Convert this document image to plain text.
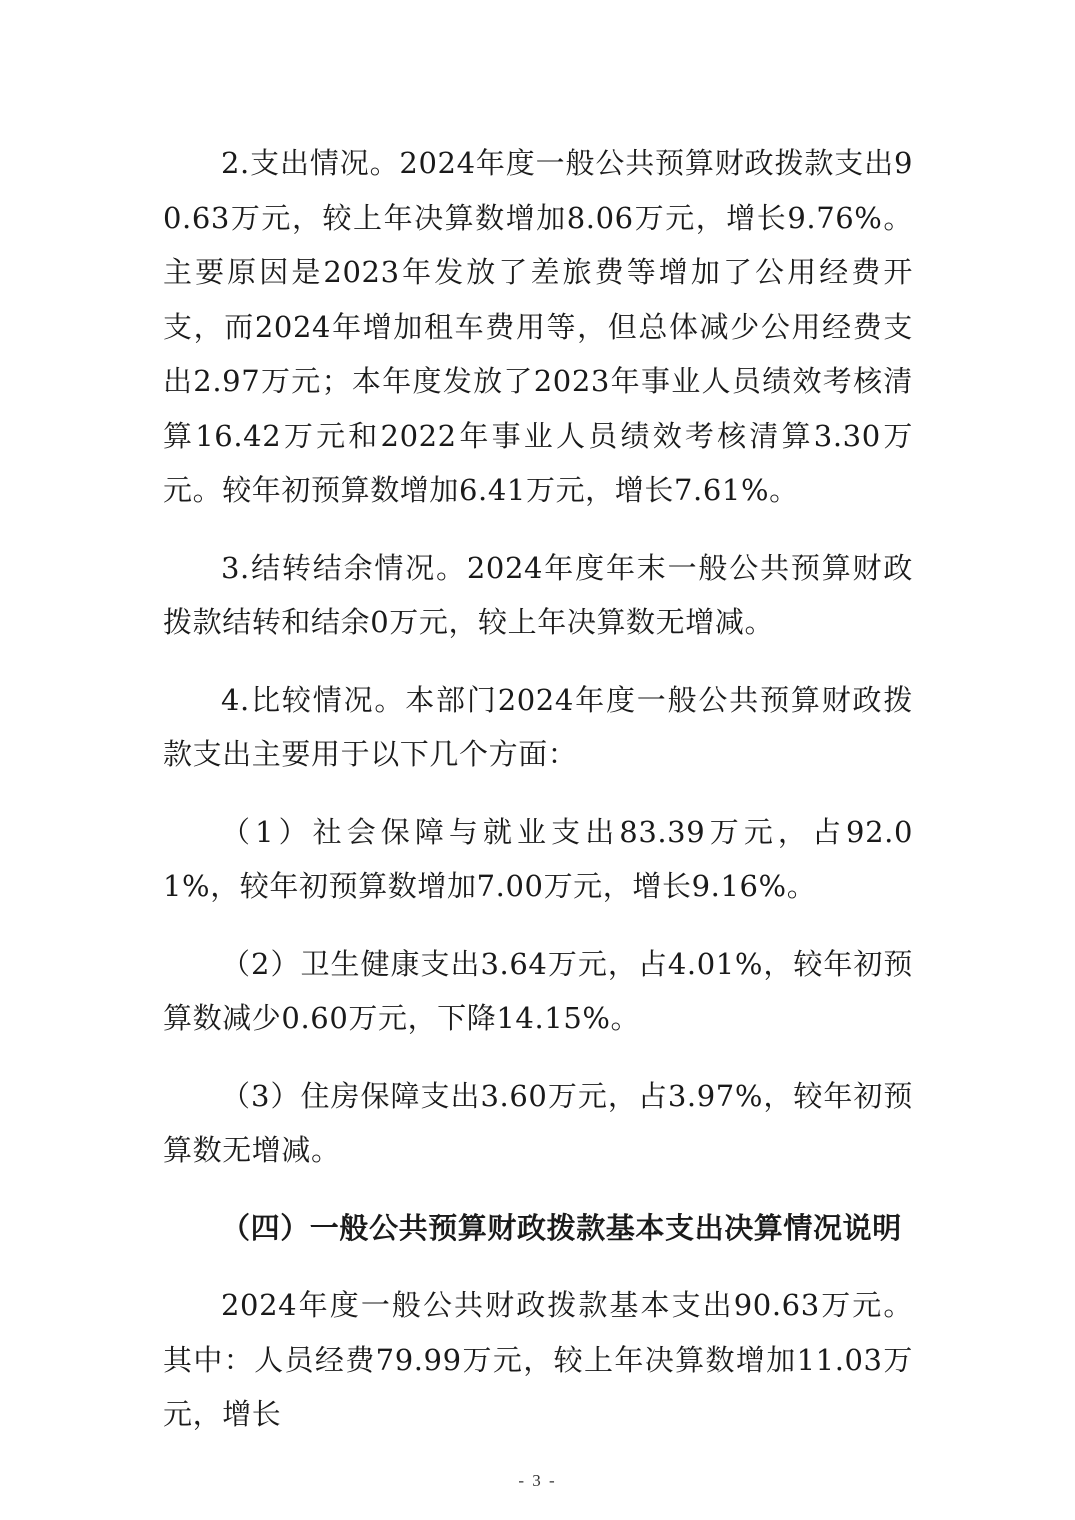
2.支出情况。2024年度一般公共预算财政拨款支出90.63万元，较上年决算数增加8.06万元，增长9.76%。主要原因是2023年发放了差旅费等增加了公用经费开支，而2024年增加租车费用等，但总体减少公用经费支出2.97万元；本年度发放了2023年事业人员绩效考核清算16.42万元和2022年事业人员绩效考核清算3.30万元。较年初预算数增加6.41万元，增长7.61%。

3.结转结余情况。2024年度年末一般公共预算财政拨款结转和结余0万元，较上年决算数无增减。

4.比较情况。本部门2024年度一般公共预算财政拨款支出主要用于以下几个方面：

（1）社会保障与就业支出83.39万元，占92.01%，较年初预算数增加7.00万元，增长9.16%。

（2）卫生健康支出3.64万元，占4.01%，较年初预算数减少0.60万元，下降14.15%。

（3）住房保障支出3.60万元，占3.97%，较年初预算数无增减。

（四）一般公共预算财政拨款基本支出决算情况说明

2024年度一般公共财政拨款基本支出90.63万元。其中：人员经费79.99万元，较上年决算数增加11.03万元，增长

- 3 -
